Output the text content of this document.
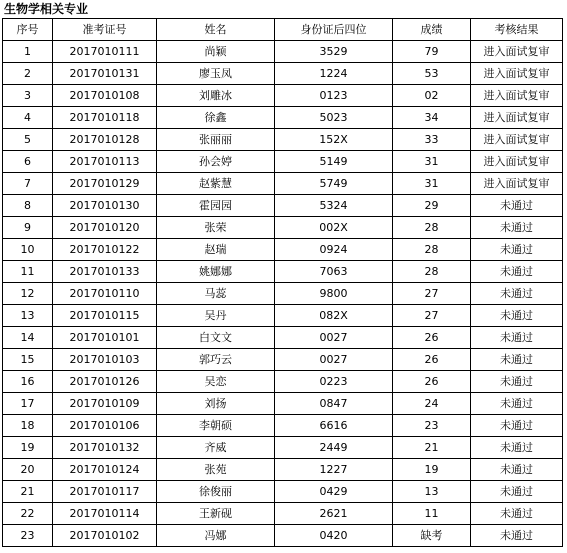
生物学相关专业
序号	准考证号	姓名	身份证后四位	成绩	考核结果
1	2017010111	尚颖	3529	79	进入面试复审
2	2017010131	廖玉凤	1224	53	进入面试复审
3	2017010108	刘雕冰	0123	02	进入面试复审
4	2017010118	徐鑫	5023	34	进入面试复审
5	2017010128	张丽丽	152X	33	进入面试复审
6	2017010113	孙会婷	5149	31	进入面试复审
7	2017010129	赵紫慧	5749	31	进入面试复审
8	2017010130	霍园园	5324	29	未通过
9	2017010120	张荣	002X	28	未通过
10	2017010122	赵瑞	0924	28	未通过
11	2017010133	姚娜娜	7063	28	未通过
12	2017010110	马蕊	9800	27	未通过
13	2017010115	吴丹	082X	27	未通过
14	2017010101	白文文	0027	26	未通过
15	2017010103	郭巧云	0027	26	未通过
16	2017010126	吴恋	0223	26	未通过
17	2017010109	刘扬	0847	24	未通过
18	2017010106	李朝硕	6616	23	未通过
19	2017010132	齐威	2449	21	未通过
20	2017010124	张苑	1227	19	未通过
21	2017010117	徐俊丽	0429	13	未通过
22	2017010114	王新砚	2621	11	未通过
23	2017010102	冯娜	0420	缺考	未通过
